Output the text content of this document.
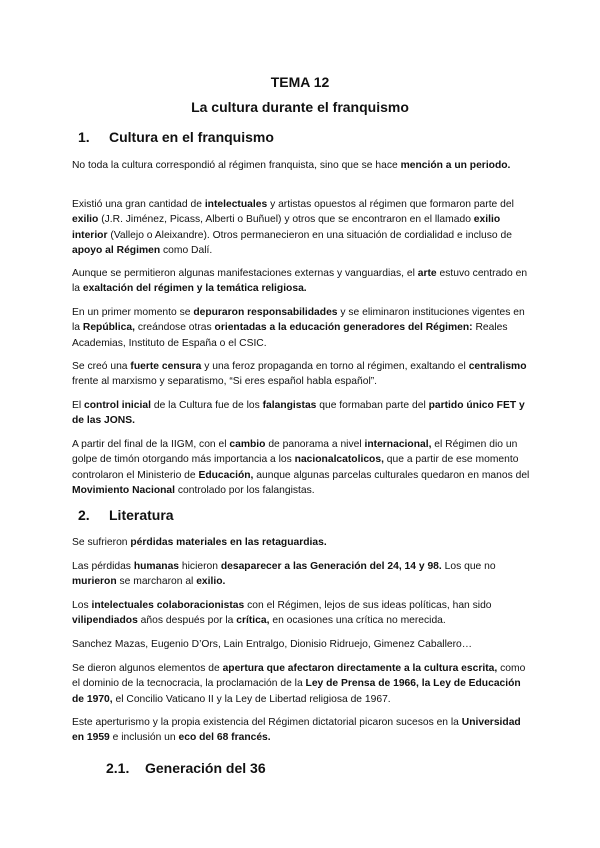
TEMA 12
La cultura durante el franquismo
1. Cultura en el franquismo

No toda la cultura correspondió al régimen franquista, sino que se hace mención a un periodo.

Existió una gran cantidad de intelectuales y artistas opuestos al régimen que formaron parte del exilio (J.R. Jiménez, Picass, Alberti o Buñuel) y otros que se encontraron en el llamado exilio interior (Vallejo o Aleixandre). Otros permanecieron en una situación de cordialidad e incluso de apoyo al Régimen como Dalí.

Aunque se permitieron algunas manifestaciones externas y vanguardias, el arte estuvo centrado en la exaltación del régimen y la temática religiosa.

En un primer momento se depuraron responsabilidades y se eliminaron instituciones vigentes en la República, creándose otras orientadas a la educación generadores del Régimen: Reales Academias, Instituto de España o el CSIC.

Se creó una fuerte censura y una feroz propaganda en torno al régimen, exaltando el centralismo frente al marxismo y separatismo, “Si eres español habla español”.

El control inicial de la Cultura fue de los falangistas que formaban parte del partido único FET y de las JONS.

A partir del final de la IIGM, con el cambio de panorama a nivel internacional, el Régimen dio un golpe de timón otorgando más importancia a los nacionalcatolicos, que a partir de ese momento controlaron el Ministerio de Educación, aunque algunas parcelas culturales quedaron en manos del Movimiento Nacional controlado por los falangistas.

2. Literatura

Se sufrieron pérdidas materiales en las retaguardias.

Las pérdidas humanas hicieron desaparecer a las Generación del 24, 14 y 98. Los que no murieron se marcharon al exilio.

Los intelectuales colaboracionistas con el Régimen, lejos de sus ideas políticas, han sido vilipendiados años después por la crítica, en ocasiones una crítica no merecida.

Sanchez Mazas, Eugenio D’Ors, Lain Entralgo, Dionisio Ridruejo, Gimenez Caballero…

Se dieron algunos elementos de apertura que afectaron directamente a la cultura escrita, como el dominio de la tecnocracia, la proclamación de la Ley de Prensa de 1966, la Ley de Educación de 1970, el Concilio Vaticano II y la Ley de Libertad religiosa de 1967.

Este aperturismo y la propia existencia del Régimen dictatorial picaron sucesos en la Universidad en 1959 e inclusión un eco del 68 francés.

2.1. Generación del 36
